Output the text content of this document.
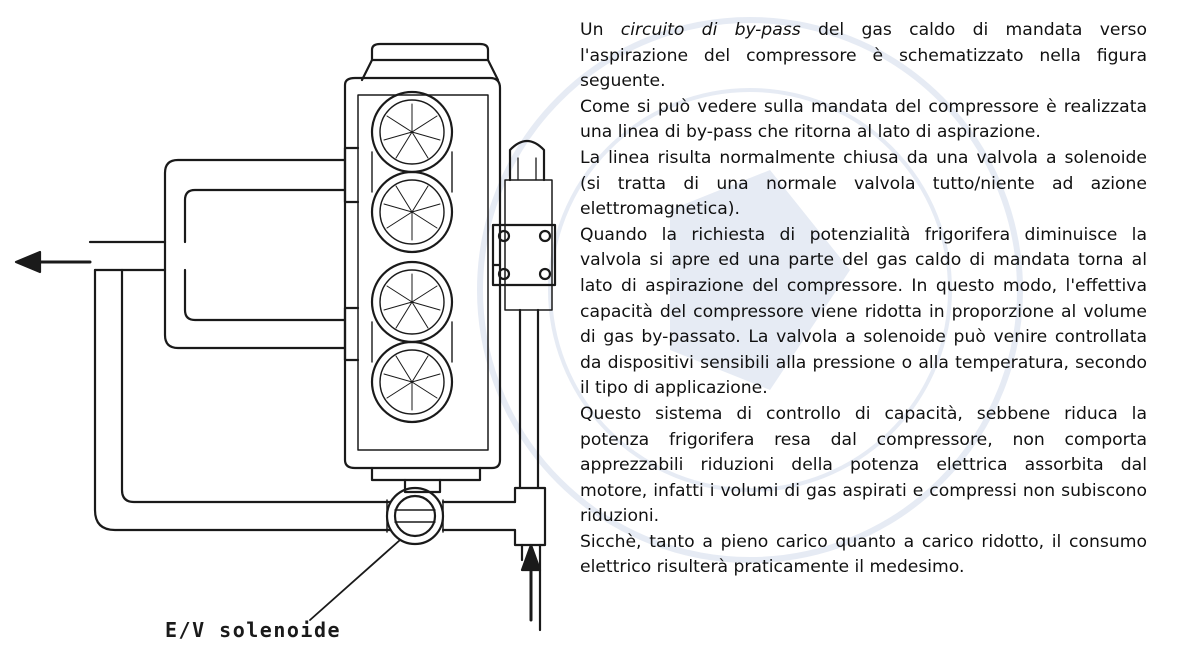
E/V solenoide

Un circuito di by-pass del gas caldo di mandata verso l'aspirazione del compressore è schematizzato nella figura seguente.

Come si può vedere sulla mandata del compressore è realizzata una linea di by-pass che ritorna al lato di aspirazione.

La linea risulta normalmente chiusa da una valvola a solenoide (si tratta di una normale valvola tutto/niente ad azione elettromagnetica).

Quando la richiesta di potenzialità frigorifera diminuisce la valvola si apre ed una parte del gas caldo di mandata torna al lato di aspirazione del compressore. In questo modo, l'effettiva capacità del compressore viene ridotta in proporzione al volume di gas by-passato. La valvola a solenoide può venire controllata da dispositivi sensibili alla pressione o alla temperatura, secondo il tipo di applicazione.

Questo sistema di controllo di capacità, sebbene riduca la potenza frigorifera resa dal compressore, non comporta apprezzabili riduzioni della potenza elettrica assorbita dal motore, infatti i volumi di gas aspirati e compressi non subiscono riduzioni.

Sicchè, tanto a pieno carico quanto a carico ridotto, il consumo elettrico risulterà praticamente il medesimo.
